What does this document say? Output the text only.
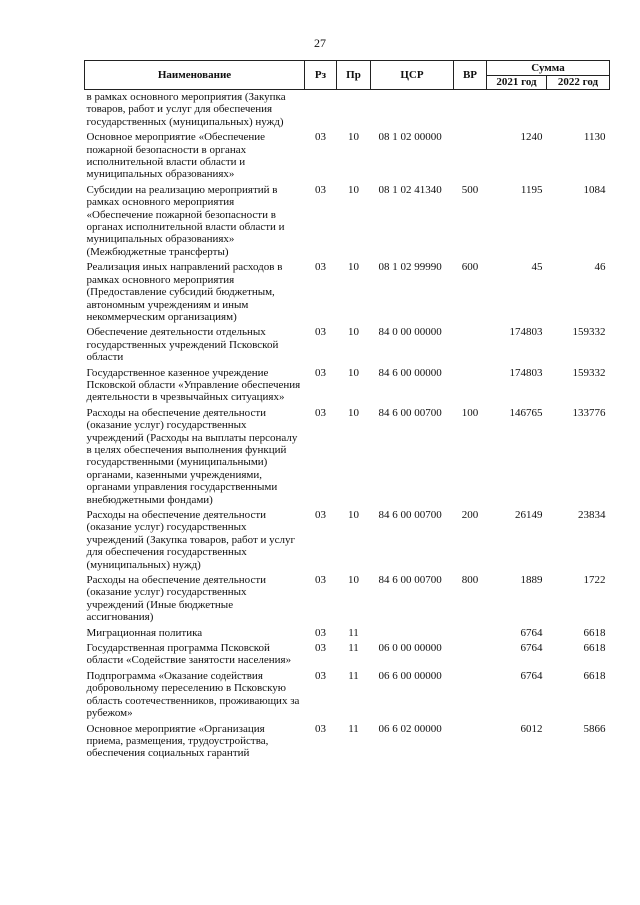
27
Наименование	Рз	Пр	ЦСР	ВР	Сумма	
					2021 год	2022 год
в рамках основного мероприятия (Закупка товаров, работ и услуг для обеспечения государственных (муниципальных) нужд)						
Основное мероприятие «Обеспечение пожарной безопасности в органах исполнительной власти области и муниципальных образованиях»	03	10	08 1 02 00000		1240	1130
Субсидии на реализацию мероприятий в рамках основного мероприятия «Обеспечение пожарной безопасности в органах исполнительной власти области и муниципальных образованиях» (Межбюджетные трансферты)	03	10	08 1 02 41340	500	1195	1084
Реализация иных направлений расходов в рамках основного мероприятия (Предоставление субсидий бюджетным, автономным учреждениям и иным некоммерческим организациям)	03	10	08 1 02 99990	600	45	46
Обеспечение деятельности отдельных государственных учреждений Псковской области	03	10	84 0 00 00000		174803	159332
Государственное казенное учреждение Псковской области «Управление обеспечения деятельности в чрезвычайных ситуациях»	03	10	84 6 00 00000		174803	159332
Расходы на обеспечение деятельности (оказание услуг) государственных учреждений (Расходы на выплаты персоналу в целях обеспечения выполнения функций государственными (муниципальными) органами, казенными учреждениями, органами управления государственными внебюджетными фондами)	03	10	84 6 00 00700	100	146765	133776
Расходы на обеспечение деятельности (оказание услуг) государственных учреждений (Закупка товаров, работ и услуг для обеспечения государственных (муниципальных) нужд)	03	10	84 6 00 00700	200	26149	23834
Расходы на обеспечение деятельности (оказание услуг) государственных учреждений (Иные бюджетные ассигнования)	03	10	84 6 00 00700	800	1889	1722
Миграционная политика	03	11			6764	6618
Государственная программа Псковской области «Содействие занятости населения»	03	11	06 0 00 00000		6764	6618
Подпрограмма «Оказание содействия добровольному переселению в Псковскую область соотечественников, проживающих за рубежом»	03	11	06 6 00 00000		6764	6618
Основное мероприятие «Организация приема, размещения, трудоустройства, обеспечения социальных гарантий	03	11	06 6 02 00000		6012	5866
